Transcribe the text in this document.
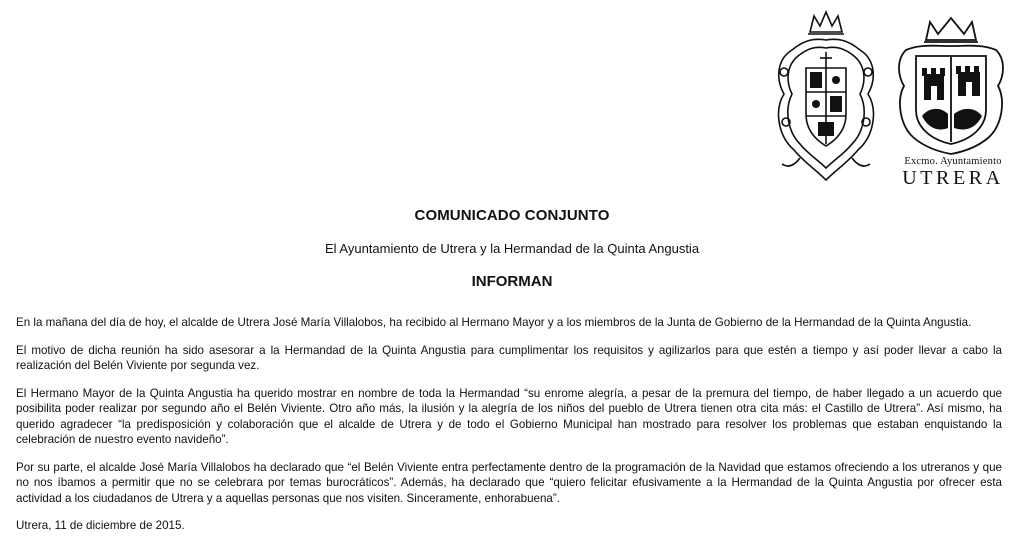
Excmo. Ayuntamiento
UTRERA
COMUNICADO CONJUNTO
El Ayuntamiento de Utrera y la Hermandad de la Quinta Angustia
INFORMAN

En la mañana del día de hoy, el alcalde de Utrera José María Villalobos, ha recibido al Hermano Mayor y a los miembros de la Junta de Gobierno de la Hermandad de la Quinta Angustia.

El motivo de dicha reunión ha sido asesorar a la Hermandad de la Quinta Angustia para cumplimentar los requisitos y agilizarlos para que estén a tiempo y así poder llevar a cabo la realización del Belén Viviente por segunda vez.

El Hermano Mayor de la Quinta Angustia ha querido mostrar en nombre de toda la Hermandad “su enrome alegría, a pesar de la premura del tiempo, de haber llegado a un acuerdo que posibilita poder realizar por segundo año el Belén Viviente. Otro año más, la ilusión y la alegría de los niños del pueblo de Utrera tienen otra cita más: el Castillo de Utrera”. Así mismo, ha querido agradecer “la predisposición y colaboración que el alcalde de Utrera y de todo el Gobierno Municipal han mostrado para resolver los problemas que estaban enquistando la celebración de nuestro evento navideño”.

Por su parte, el alcalde José María Villalobos ha declarado que “el Belén Viviente entra perfectamente dentro de la programación de la Navidad que estamos ofreciendo a los utreranos y que no nos íbamos a permitir que no se celebrara por temas burocráticos”. Además, ha declarado que “quiero felicitar efusivamente a la Hermandad de la Quinta Angustia por ofrecer esta actividad a los ciudadanos de Utrera y a aquellas personas que nos visiten. Sinceramente, enhorabuena”.

Utrera, 11 de diciembre de 2015.
